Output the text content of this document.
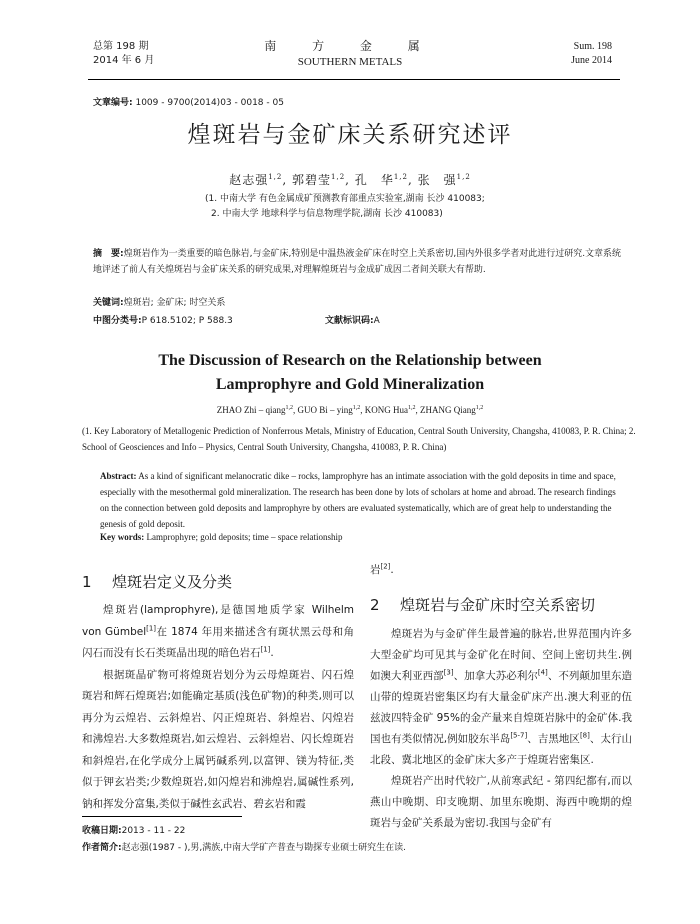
总第 198 期
2014 年 6 月
南 方 金 属
SOUTHERN METALS
Sum. 198
June 2014
文章编号: 1009 - 9700(2014)03 - 0018 - 05
煌斑岩与金矿床关系研究述评
赵志强$^{1,2}$, 郭碧莹$^{1,2}$, 孔　华$^{1,2}$, 张　强$^{1,2}$
(1. 中南大学 有色金属成矿预测教育部重点实验室,湖南 长沙 410083;
2. 中南大学 地球科学与信息物理学院,湖南 长沙 410083)
摘　要:煌斑岩作为一类重要的暗色脉岩,与金矿床,特别是中温热液金矿床在时空上关系密切,国内外很多学者对此进行过研究.文章系统地评述了前人有关煌斑岩与金矿床关系的研究成果,对理解煌斑岩与金成矿成因二者间关联大有帮助.
关键词:煌斑岩; 金矿床; 时空关系
中图分类号:P 618.5102; P 588.3	文献标识码:A
The Discussion of Research on the Relationship between
Lamprophyre and Gold Mineralization
ZHAO Zhi – qiang$^{1,2}$, GUO Bi – ying$^{1,2}$, KONG Hua$^{1,2}$, ZHANG Qiang$^{1,2}$
(1. Key Laboratory of Metallogenic Prediction of Nonferrous Metals, Ministry of Education, Central South University, Changsha, 410083, P. R. China; 2. School of Geosciences and Info – Physics, Central South University, Changsha, 410083, P. R. China)
Abstract: As a kind of significant melanocratic dike – rocks, lamprophyre has an intimate association with the gold deposits in time and space, especially with the mesothermal gold mineralization. The research has been done by lots of scholars at home and abroad. The research findings on the connection between gold deposits and lamprophyre by others are evaluated systematically, which are of great help to understanding the genesis of gold deposit.
Key words: Lamprophyre; gold deposits; time – space relationship
1 煌斑岩定义及分类

煌斑岩(lamprophyre),是德国地质学家 Wilhelm von Gümbel[1]在 1874 年用来描述含有斑状黑云母和角闪石而没有长石类斑晶出现的暗色岩石[1].

根据斑晶矿物可将煌斑岩划分为云母煌斑岩、闪石煌斑岩和辉石煌斑岩;如能确定基质(浅色矿物)的种类,则可以再分为云煌岩、云斜煌岩、闪正煌斑岩、斜煌岩、闪煌岩和沸煌岩.大多数煌斑岩,如云煌岩、云斜煌岩、闪长煌斑岩和斜煌岩,在化学成分上属钙碱系列,以富钾、镁为特征,类似于钾玄岩类;少数煌斑岩,如闪煌岩和沸煌岩,属碱性系列,钠和挥发分富集,类似于碱性玄武岩、碧玄岩和霞

岩[2].
2 煌斑岩与金矿床时空关系密切

煌斑岩为与金矿伴生最普遍的脉岩,世界范围内许多大型金矿均可见其与金矿化在时间、空间上密切共生.例如澳大利亚西部[3]、加拿大苏必利尔[4]、不列颠加里东造山带的煌斑岩密集区均有大量金矿床产出.澳大利亚的伍兹波四特金矿 95%的金产量来自煌斑岩脉中的金矿体.我国也有类似情况,例如胶东半岛[5-7]、吉黑地区[8]、太行山北段、冀北地区的金矿床大多产于煌斑岩密集区.

煌斑岩产出时代较广,从前寒武纪 - 第四纪都有,而以燕山中晚期、印支晚期、加里东晚期、海西中晚期的煌斑岩与金矿关系最为密切.我国与金矿有

收稿日期:2013 - 11 - 22
作者简介:赵志强(1987 - ),男,满族,中南大学矿产普查与勘探专业硕士研究生在读.
